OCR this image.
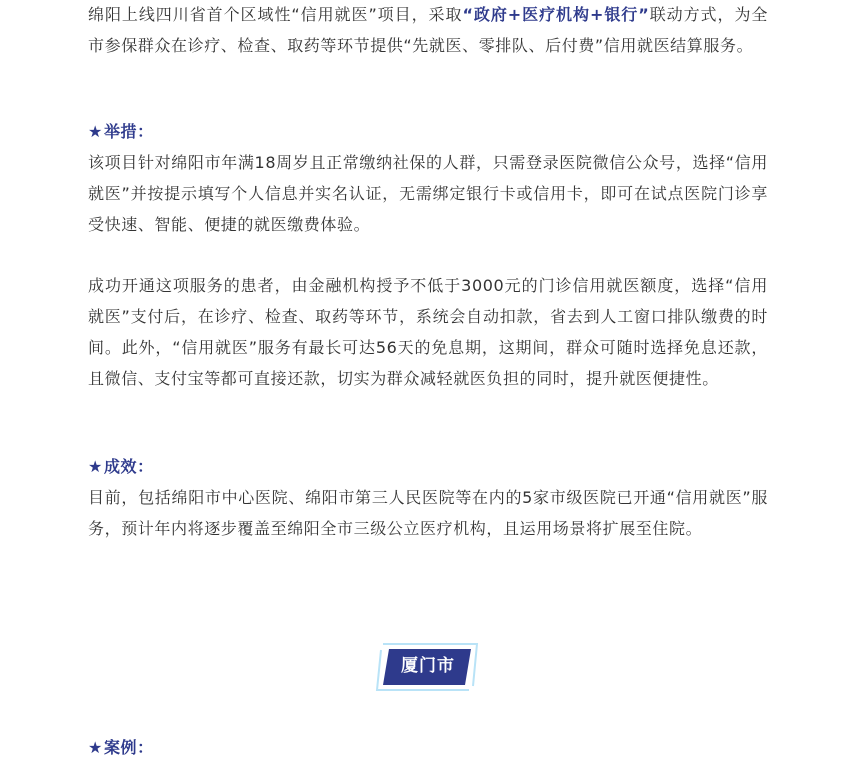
绵阳上线四川省首个区域性“信用就医”项目，采取“政府+医疗机构+银行”联动方式，为全市参保群众在诊疗、检查、取药等环节提供“先就医、零排队、后付费”信用就医结算服务。

★举措：

该项目针对绵阳市年满18周岁且正常缴纳社保的人群，只需登录医院微信公众号，选择“信用就医”并按提示填写个人信息并实名认证，无需绑定银行卡或信用卡，即可在试点医院门诊享受快速、智能、便捷的就医缴费体验。

成功开通这项服务的患者，由金融机构授予不低于3000元的门诊信用就医额度，选择“信用就医”支付后，在诊疗、检查、取药等环节，系统会自动扣款，省去到人工窗口排队缴费的时间。此外，“信用就医”服务有最长可达56天的免息期，这期间，群众可随时选择免息还款，且微信、支付宝等都可直接还款，切实为群众减轻就医负担的同时，提升就医便捷性。

★成效：

目前，包括绵阳市中心医院、绵阳市第三人民医院等在内的5家市级医院已开通“信用就医”服务，预计年内将逐步覆盖至绵阳全市三级公立医疗机构，且运用场景将扩展至住院。

★案例：

厦门市
